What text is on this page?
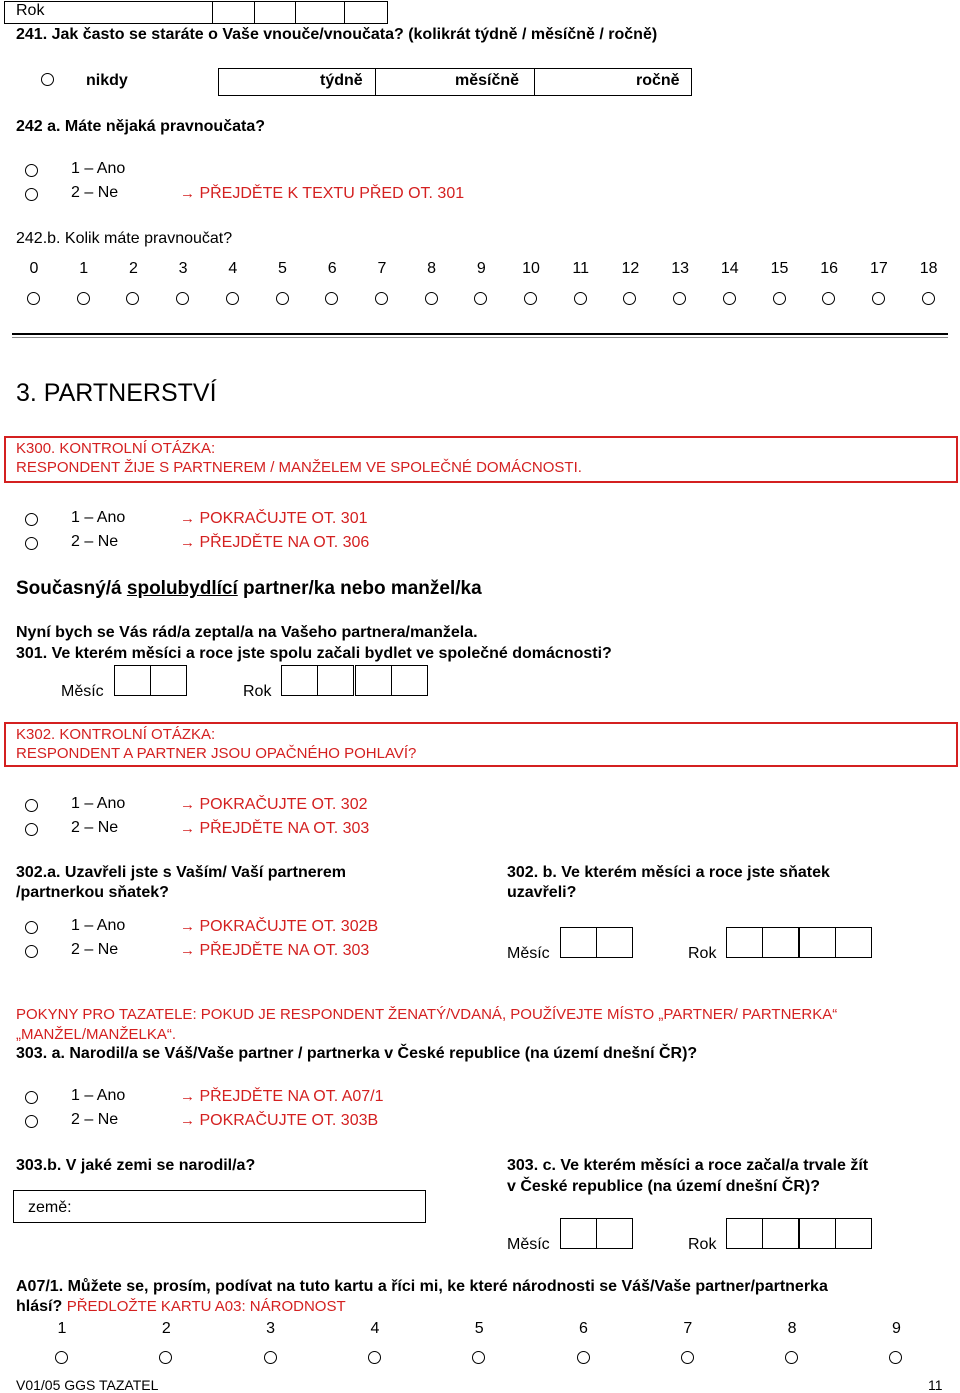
Rok
241. Jak často se staráte o Vaše vnouče/vnoučata? (kolikrát týdně / měsíčně / ročně)
nikdy	týdně	měsíčně	ročně
242 a. Máte nějaká pravnoučata?
1 – Ano
2 – Ne	→ PŘEJDĚTE K TEXTU PŘED OT. 301
242.b. Kolik máte pravnoučat?
0	1	2	3	4	5	6	7	8	9	10 11 12 13 14 15 16 17 18
3. PARTNERSTVÍ
K300. KONTROLNÍ OTÁZKA:
RESPONDENT ŽIJE S PARTNEREM / MANŽELEM VE SPOLEČNÉ DOMÁCNOSTI.
1 – Ano	→ POKRAČUJTE OT. 301
2 – Ne	→ PŘEJDĚTE NA OT. 306
Současný/á spolubydlící partner/ka nebo manžel/ka
Nyní bych se Vás rád/a zeptal/a na Vašeho partnera/manžela.
301. Ve kterém měsíci a roce jste spolu začali bydlet ve společné domácnosti?
Měsíc	Rok
K302. KONTROLNÍ OTÁZKA:
RESPONDENT A PARTNER JSOU OPAČNÉHO POHLAVÍ?
1 – Ano	→ POKRAČUJTE OT. 302
2 – Ne	→ PŘEJDĚTE NA OT. 303
302.a. Uzavřeli jste s Vaším/ Vaší partnerem
/partnerkou sňatek?
1 – Ano	→ POKRAČUJTE OT. 302B
2 – Ne	→ PŘEJDĚTE NA OT. 303
302. b. Ve kterém měsíci a roce jste sňatek
uzavřeli?
Měsíc	Rok
POKYNY PRO TAZATELE: POKUD JE RESPONDENT ŽENATÝ/VDANÁ, POUŽÍVEJTE MÍSTO „PARTNER/ PARTNERKA“
„MANŽEL/MANŽELKA“.
303. a. Narodil/a se Váš/Vaše partner / partnerka v České republice (na území dnešní ČR)?
1 – Ano	→ PŘEJDĚTE NA OT. A07/1
2 – Ne	→ POKRAČUJTE OT. 303B
303.b. V jaké zemi se narodil/a?
země:
303. c. Ve kterém měsíci a roce začal/a trvale žít
v České republice (na území dnešní ČR)?
Měsíc	Rok
A07/1. Můžete se, prosím, podívat na tuto kartu a říci mi, ke které národnosti se Váš/Vaše partner/partnerka
hlásí? PŘEDLOŽTE KARTU A03: NÁRODNOST
1	2	3	4	5	6	7	8	9
V01/05 GGS TAZATEL	11
